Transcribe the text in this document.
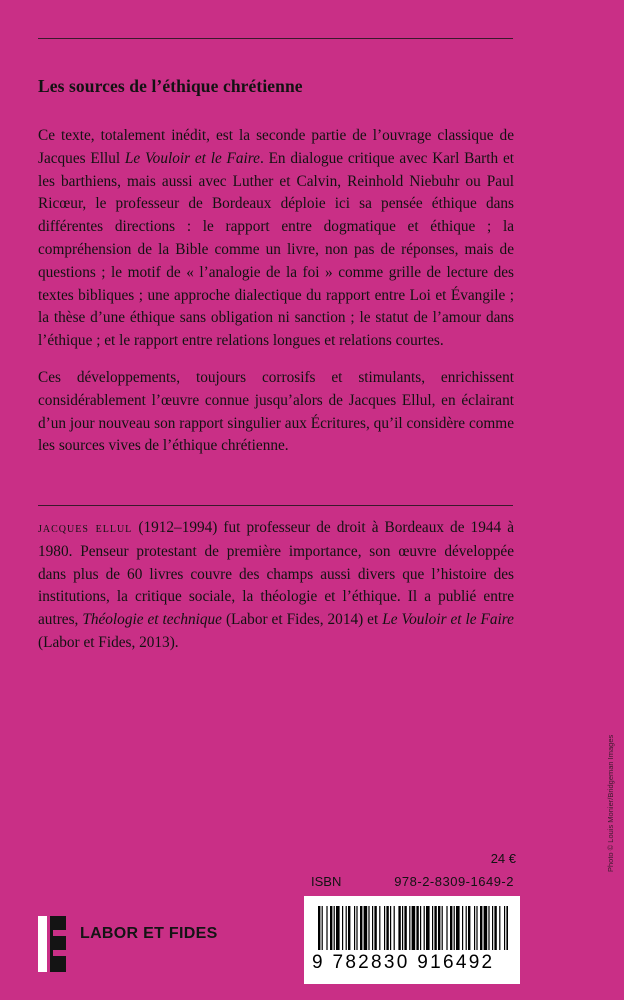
Les sources de l’éthique chrétienne

Ce texte, totalement inédit, est la seconde partie de l’ouvrage classique de Jacques Ellul Le Vouloir et le Faire. En dialogue critique avec Karl Barth et les barthiens, mais aussi avec Luther et Calvin, Reinhold Niebuhr ou Paul Ricœur, le professeur de Bordeaux déploie ici sa pensée éthique dans différentes directions : le rapport entre dogmatique et éthique ; la compréhension de la Bible comme un livre, non pas de réponses, mais de questions ; le motif de « l’analogie de la foi » comme grille de lecture des textes bibliques ; une approche dialectique du rapport entre Loi et Évangile ; la thèse d’une éthique sans obligation ni sanction ; le statut de l’amour dans l’éthique ; et le rapport entre relations longues et relations courtes.

Ces développements, toujours corrosifs et stimulants, enrichissent considérablement l’œuvre connue jusqu’alors de Jacques Ellul, en éclairant d’un jour nouveau son rapport singulier aux Écritures, qu’il considère comme les sources vives de l’éthique chrétienne.

jacques ellul (1912–1994) fut professeur de droit à Bordeaux de 1944 à 1980. Penseur protestant de première importance, son œuvre développée dans plus de 60 livres couvre des champs aussi divers que l’histoire des institutions, la critique sociale, la théologie et l’éthique. Il a publié entre autres, Théologie et technique (Labor et Fides, 2014) et Le Vouloir et le Faire (Labor et Fides, 2013).

24 €
ISBN	978-2-8309-1649-2
9 782830 916492
LABOR ET FIDES
Photo © Louis Monier/Bridgeman Images
